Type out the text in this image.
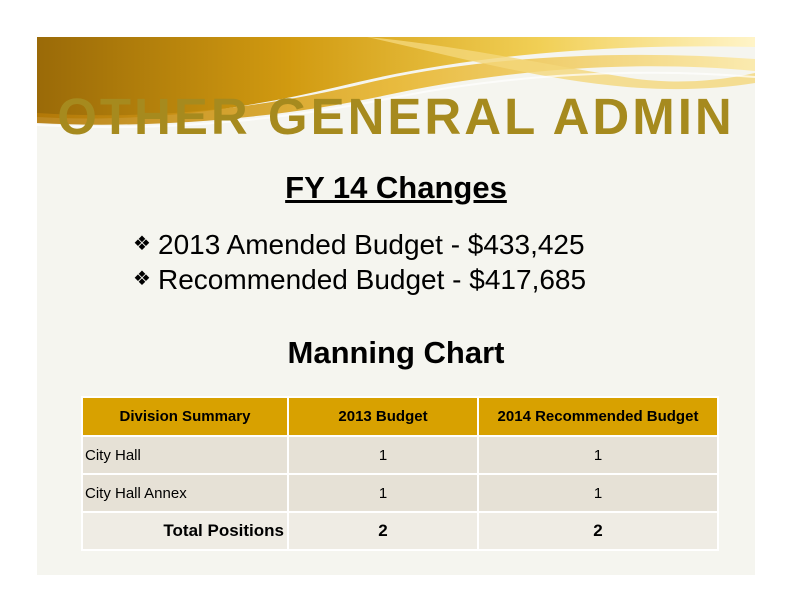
OTHER GENERAL ADMIN
FY 14 Changes
❖ 2013 Amended Budget - $433,425
❖ Recommended Budget - $417,685
Manning Chart
Division Summary	2013 Budget	2014 Recommended Budget
City Hall	1	1
City Hall Annex	1	1
Total Positions	2	2
